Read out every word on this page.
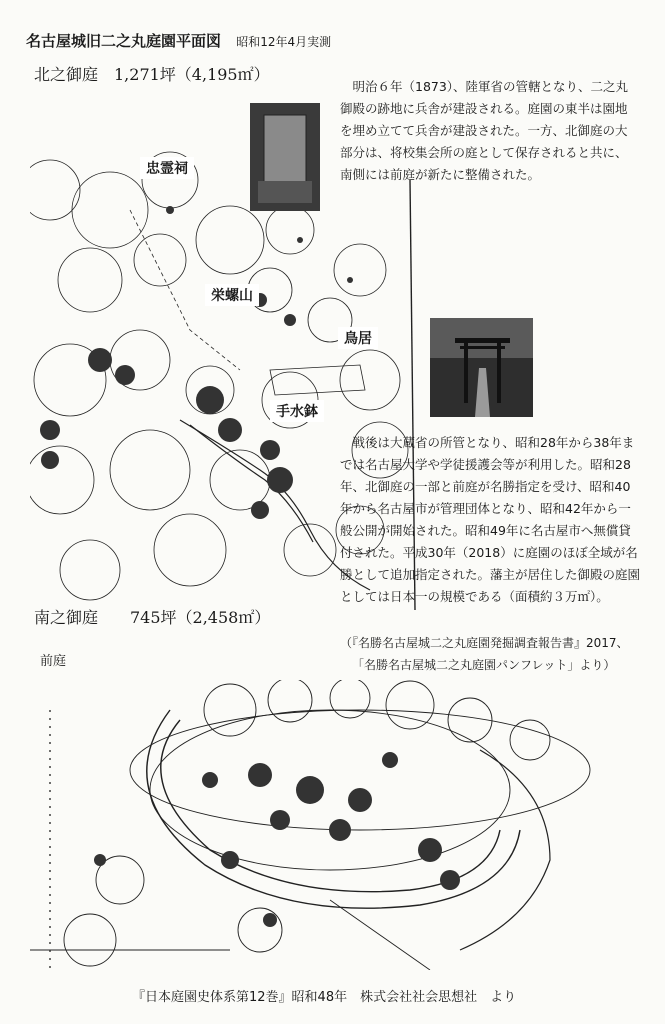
名古屋城旧二之丸庭園平面図 昭和12年4月実測
北之御庭　1,271坪（4,195㎡）
忠霊祠
栄螺山
鳥居
手水鉢

明治６年（1873）、陸軍省の管轄となり、二之丸御殿の跡地に兵舎が建設される。庭園の東半は園地を埋め立てて兵舎が建設された。一方、北御庭の大部分は、将校集会所の庭として保存されると共に、南側には前庭が新たに整備された。

戦後は大蔵省の所管となり、昭和28年から38年までは名古屋大学や学徒援護会等が利用した。昭和28年、北御庭の一部と前庭が名勝指定を受け、昭和40年から名古屋市が管理団体となり、昭和42年から一般公開が開始された。昭和49年に名古屋市へ無償貸付された。平成30年（2018）に庭園のほぼ全域が名勝として追加指定された。藩主が居住した御殿の庭園としては日本一の規模である（面積約３万㎡）。

（『名勝名古屋城二之丸庭園発掘調査報告書』2017、
「名勝名古屋城二之丸庭園パンフレット」より）
南之御庭　　745坪（2,458㎡）
前庭
『日本庭園史体系第12巻』昭和48年　株式会社社会思想社　より
